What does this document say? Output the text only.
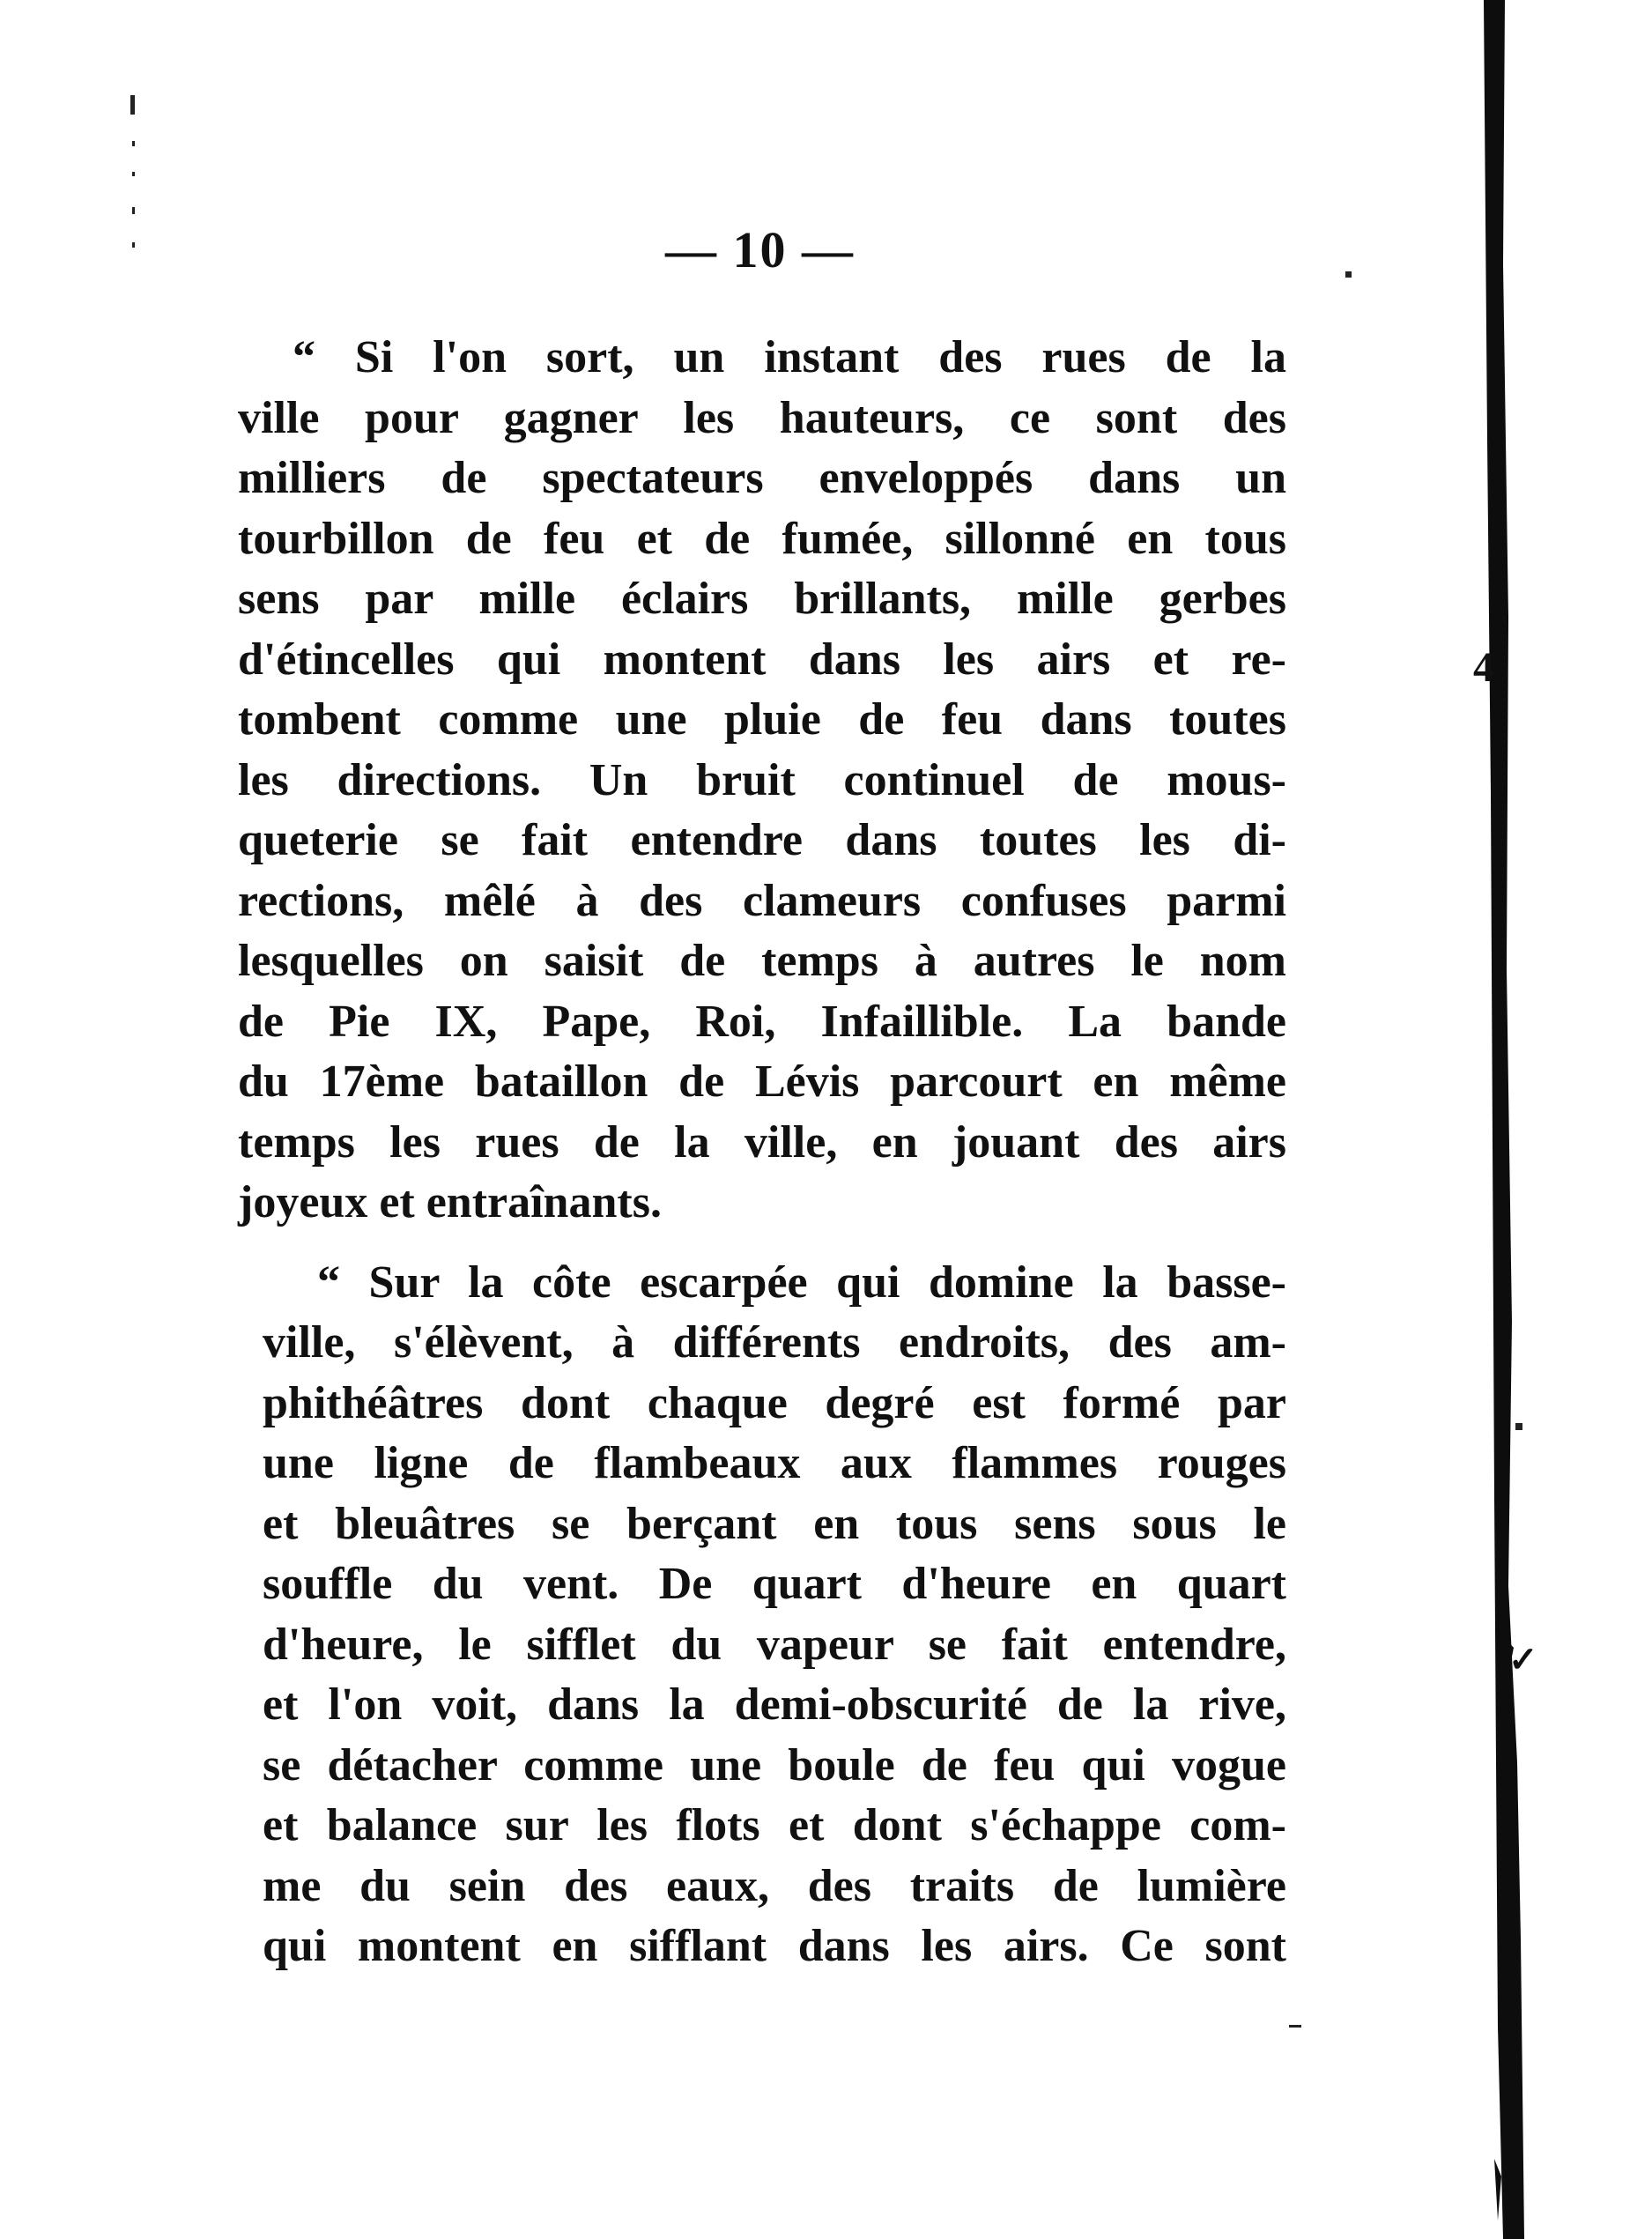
— 10 —
“ Si l'on sort, un instant des rues de la
ville pour gagner les hauteurs, ce sont des
milliers de spectateurs enveloppés dans un
tourbillon de feu et de fumée, sillonné en tous
sens par mille éclairs brillants, mille gerbes
d'étincelles qui montent dans les airs et re-
tombent comme une pluie de feu dans toutes
les directions. Un bruit continuel de mous-
queterie se fait entendre dans toutes les di-
rections, mêlé à des clameurs confuses parmi
lesquelles on saisit de temps à autres le nom
de Pie IX, Pape, Roi, Infaillible. La bande
du 17ème bataillon de Lévis parcourt en même
temps les rues de la ville, en jouant des airs
joyeux et entraînants.
“ Sur la côte escarpée qui domine la basse-
ville, s'élèvent, à différents endroits, des am-
phithéâtres dont chaque degré est formé par
une ligne de flambeaux aux flammes rouges
et bleuâtres se berçant en tous sens sous le
souffle du vent. De quart d'heure en quart
d'heure, le sifflet du vapeur se fait entendre,
et l'on voit, dans la demi-obscurité de la rive,
se détacher comme une boule de feu qui vogue
et balance sur les flots et dont s'échappe com-
me du sein des eaux, des traits de lumière
qui montent en sifflant dans les airs. Ce sont
4
✓
